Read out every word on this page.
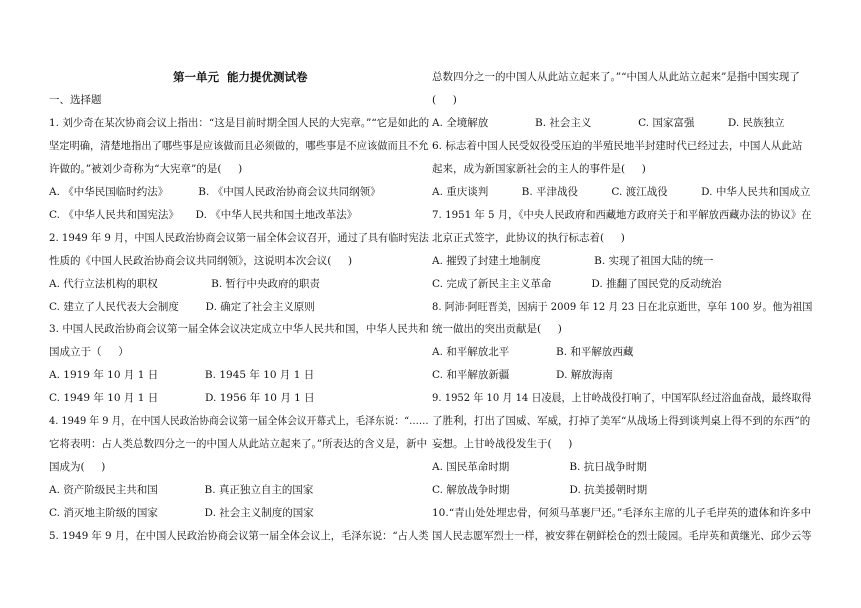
第一单元  能力提优测试卷
一、选择题
1. 刘少奇在某次协商会议上指出：“这是目前时期全国人民的大宪章。”“它是如此的
坚定明确，清楚地指出了哪些事是应该做而且必须做的，哪些事是不应该做而且不允
许做的。”被刘少奇称为“大宪章”的是(     )
A. 《中华民国临时约法》         B. 《中国人民政治协商会议共同纲领》
C. 《中华人民共和国宪法》     D. 《中华人民共和国土地改革法》
2. 1949 年 9 月，中国人民政治协商会议第一届全体会议召开，通过了具有临时宪法
性质的《中国人民政治协商会议共同纲领》，这说明本次会议(     )
A. 代行立法机构的职权                B. 暂行中央政府的职责
C. 建立了人民代表大会制度        D. 确定了社会主义原则
3. 中国人民政治协商会议第一届全体会议决定成立中华人民共和国，中华人民共和
国成立于（     ）
A. 1919 年 10 月 1 日              B. 1945 年 10 月 1 日
C. 1949 年 10 月 1 日              D. 1956 年 10 月 1 日
4. 1949 年 9 月，在中国人民政治协商会议第一届全体会议开幕式上，毛泽东说：“……
它将表明：占人类总数四分之一的中国人从此站立起来了。”所表达的含义是，新中
国成为(     )
A. 资产阶级民主共和国              B. 真正独立自主的国家
C. 消灭地主阶级的国家              D. 社会主义制度的国家
5. 1949 年 9 月，在中国人民政治协商会议第一届全体会议上，毛泽东说：“占人类
总数四分之一的中国人从此站立起来了。”“中国人从此站立起来”是指中国实现了
(     )
A. 全境解放              B. 社会主义              C. 国家富强          D. 民族独立
6. 标志着中国人民受奴役受压迫的半殖民地半封建时代已经过去，中国人从此站
起来，成为新国家新社会的主人的事件是(     )
A. 重庆谈判          B. 平津战役          C. 渡江战役          D. 中华人民共和国成立
7. 1951 年 5 月，《中央人民政府和西藏地方政府关于和平解放西藏办法的协议》在
北京正式签字，此协议的执行标志着(     )
A. 摧毁了封建土地制度                B. 实现了祖国大陆的统一
C. 完成了新民主主义革命            D. 推翻了国民党的反动统治
8. 阿沛·阿旺晋美，因病于 2009 年 12 月 23 日在北京逝世，享年 100 岁。他为祖国
统一做出的突出贡献是(     )
A. 和平解放北平              B. 和平解放西藏
C. 和平解放新疆              D. 解放海南
9. 1952 年 10 月 14 日凌晨，上甘岭战役打响了，中国军队经过浴血奋战，最终取得
了胜利，打出了国威、军威，打掉了美军“从战场上得到谈判桌上得不到的东西”的
妄想。上甘岭战役发生于(     )
A. 国民革命时期                  B. 抗日战争时期
C. 解放战争时期                  D. 抗美援朝时期
10.“青山处处埋忠骨，何须马革裹尸还。”毛泽东主席的儿子毛岸英的遗体和许多中
国人民志愿军烈士一样，被安葬在朝鲜桧仓的烈士陵园。毛岸英和黄继光、邱少云等
